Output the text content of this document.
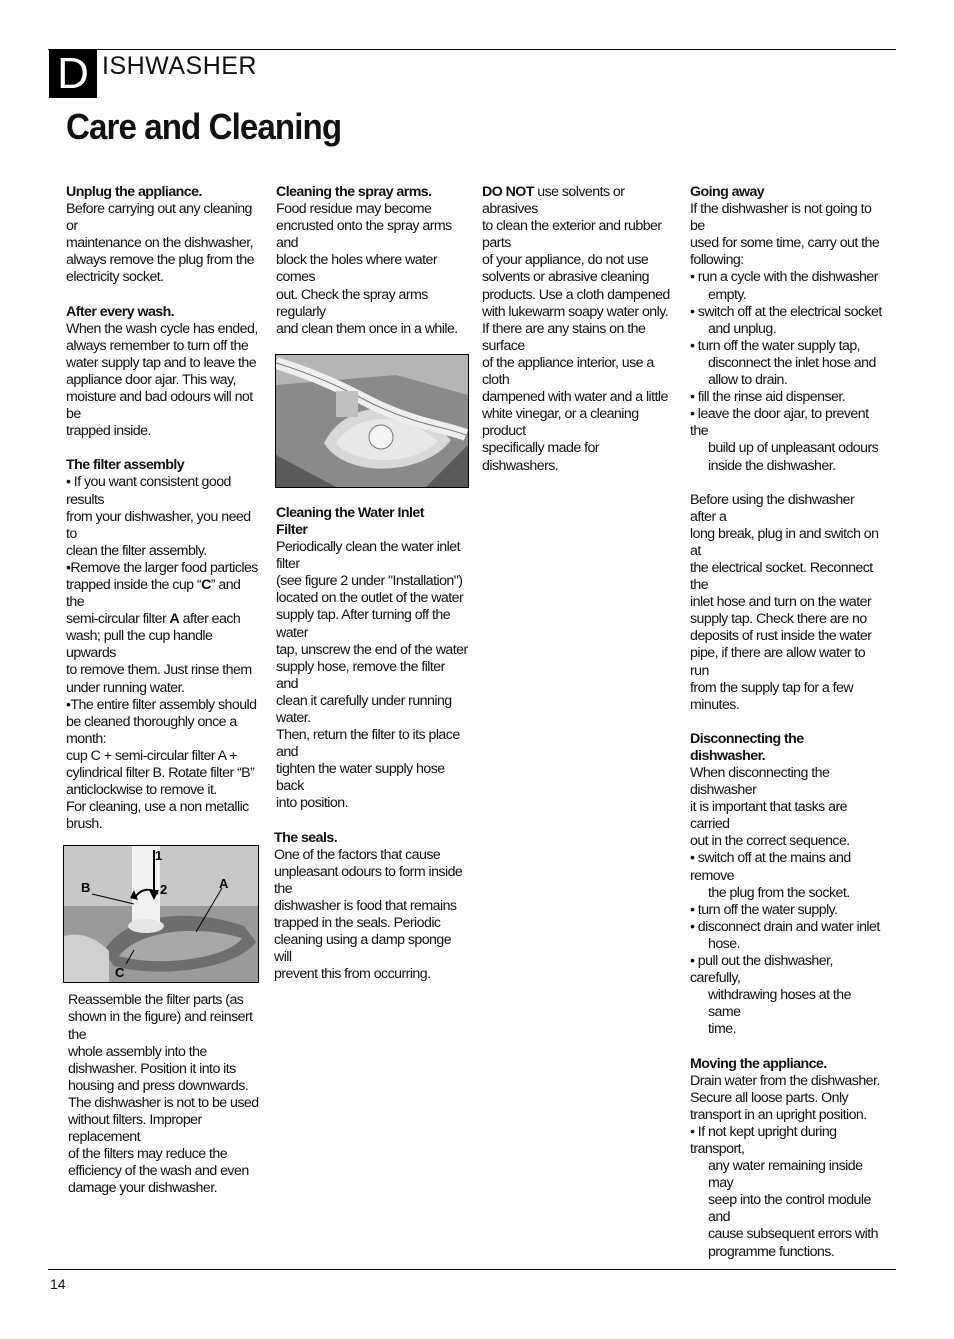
D ISHWASHER
Care and Cleaning

Unplug the appliance.

Before carrying out any cleaning or

maintenance on the dishwasher,

always remove the plug from the

electricity socket.

After every wash.

When the wash cycle has ended,

always remember to turn off the

water supply tap and to leave the

appliance door ajar. This way,

moisture and bad odours will not be

trapped inside.

The filter assembly

• If you want consistent good results

from your dishwasher, you need to

clean the filter assembly.

•Remove the larger food particles

trapped inside the cup “C” and the

semi-circular filter A after each

wash; pull the cup handle upwards

to remove them. Just rinse them

under running water.

•The entire filter assembly should

be cleaned thoroughly once a month:

cup C + semi-circular filter A +

cylindrical filter B. Rotate filter “B”

anticlockwise to remove it.

For cleaning, use a non metallic

brush.

B
1
2	A
C

Reassemble the filter parts (as

shown in the figure) and reinsert the

whole assembly into the

dishwasher. Position it into its

housing and press downwards.

The dishwasher is not to be used

without filters. Improper replacement

of the filters may reduce the

efficiency of the wash and even

damage your dishwasher.

Cleaning the spray arms.

Food residue may become

encrusted onto the spray arms and

block the holes where water comes

out. Check the spray arms regularly

and clean them once in a while.

Cleaning the Water Inlet

Filter

Periodically clean the water inlet filter

(see figure 2 under "Installation")

located on the outlet of the water

supply tap. After turning off the water

tap, unscrew the end of the water

supply hose, remove the filter and

clean it carefully under running water.

Then, return the filter to its place and

tighten the water supply hose back

into position.

The seals.

One of the factors that cause

unpleasant odours to form inside the

dishwasher is food that remains

trapped in the seals. Periodic

cleaning using a damp sponge will

prevent this from occurring.

DO NOT use solvents or abrasives

to clean the exterior and rubber parts

of your appliance, do not use

solvents or abrasive cleaning

products. Use a cloth dampened

with lukewarm soapy water only.

If there are any stains on the surface

of the appliance interior, use a cloth

dampened with water and a little

white vinegar, or a cleaning product

specifically made for dishwashers.

Going away

If the dishwasher is not going to be

used for some time, carry out the

following:

• run a cycle with the dishwasher

empty.

• switch off at the electrical socket

and unplug.

• turn off the water supply tap,

disconnect the inlet hose and

allow to drain.

• fill the rinse aid dispenser.

• leave the door ajar, to prevent the

build up of unpleasant odours

inside the dishwasher.

Before using the dishwasher after a

long break, plug in and switch on at

the electrical socket. Reconnect the

inlet hose and turn on the water

supply tap. Check there are no

deposits of rust inside the water

pipe, if there are allow water to run

from the supply tap for a few

minutes.

Disconnecting the dishwasher.

When disconnecting the dishwasher

it is important that tasks are carried

out in the correct sequence.

• switch off at the mains and remove

the plug from the socket.

• turn off the water supply.

• disconnect drain and water inlet

hose.

• pull out the dishwasher, carefully,

withdrawing hoses at the same

time.

Moving the appliance.

Drain water from the dishwasher.

Secure all loose parts. Only

transport in an upright position.

• If not kept upright during transport,

any water remaining inside may

seep into the control module and

cause subsequent errors with

programme functions.

14
